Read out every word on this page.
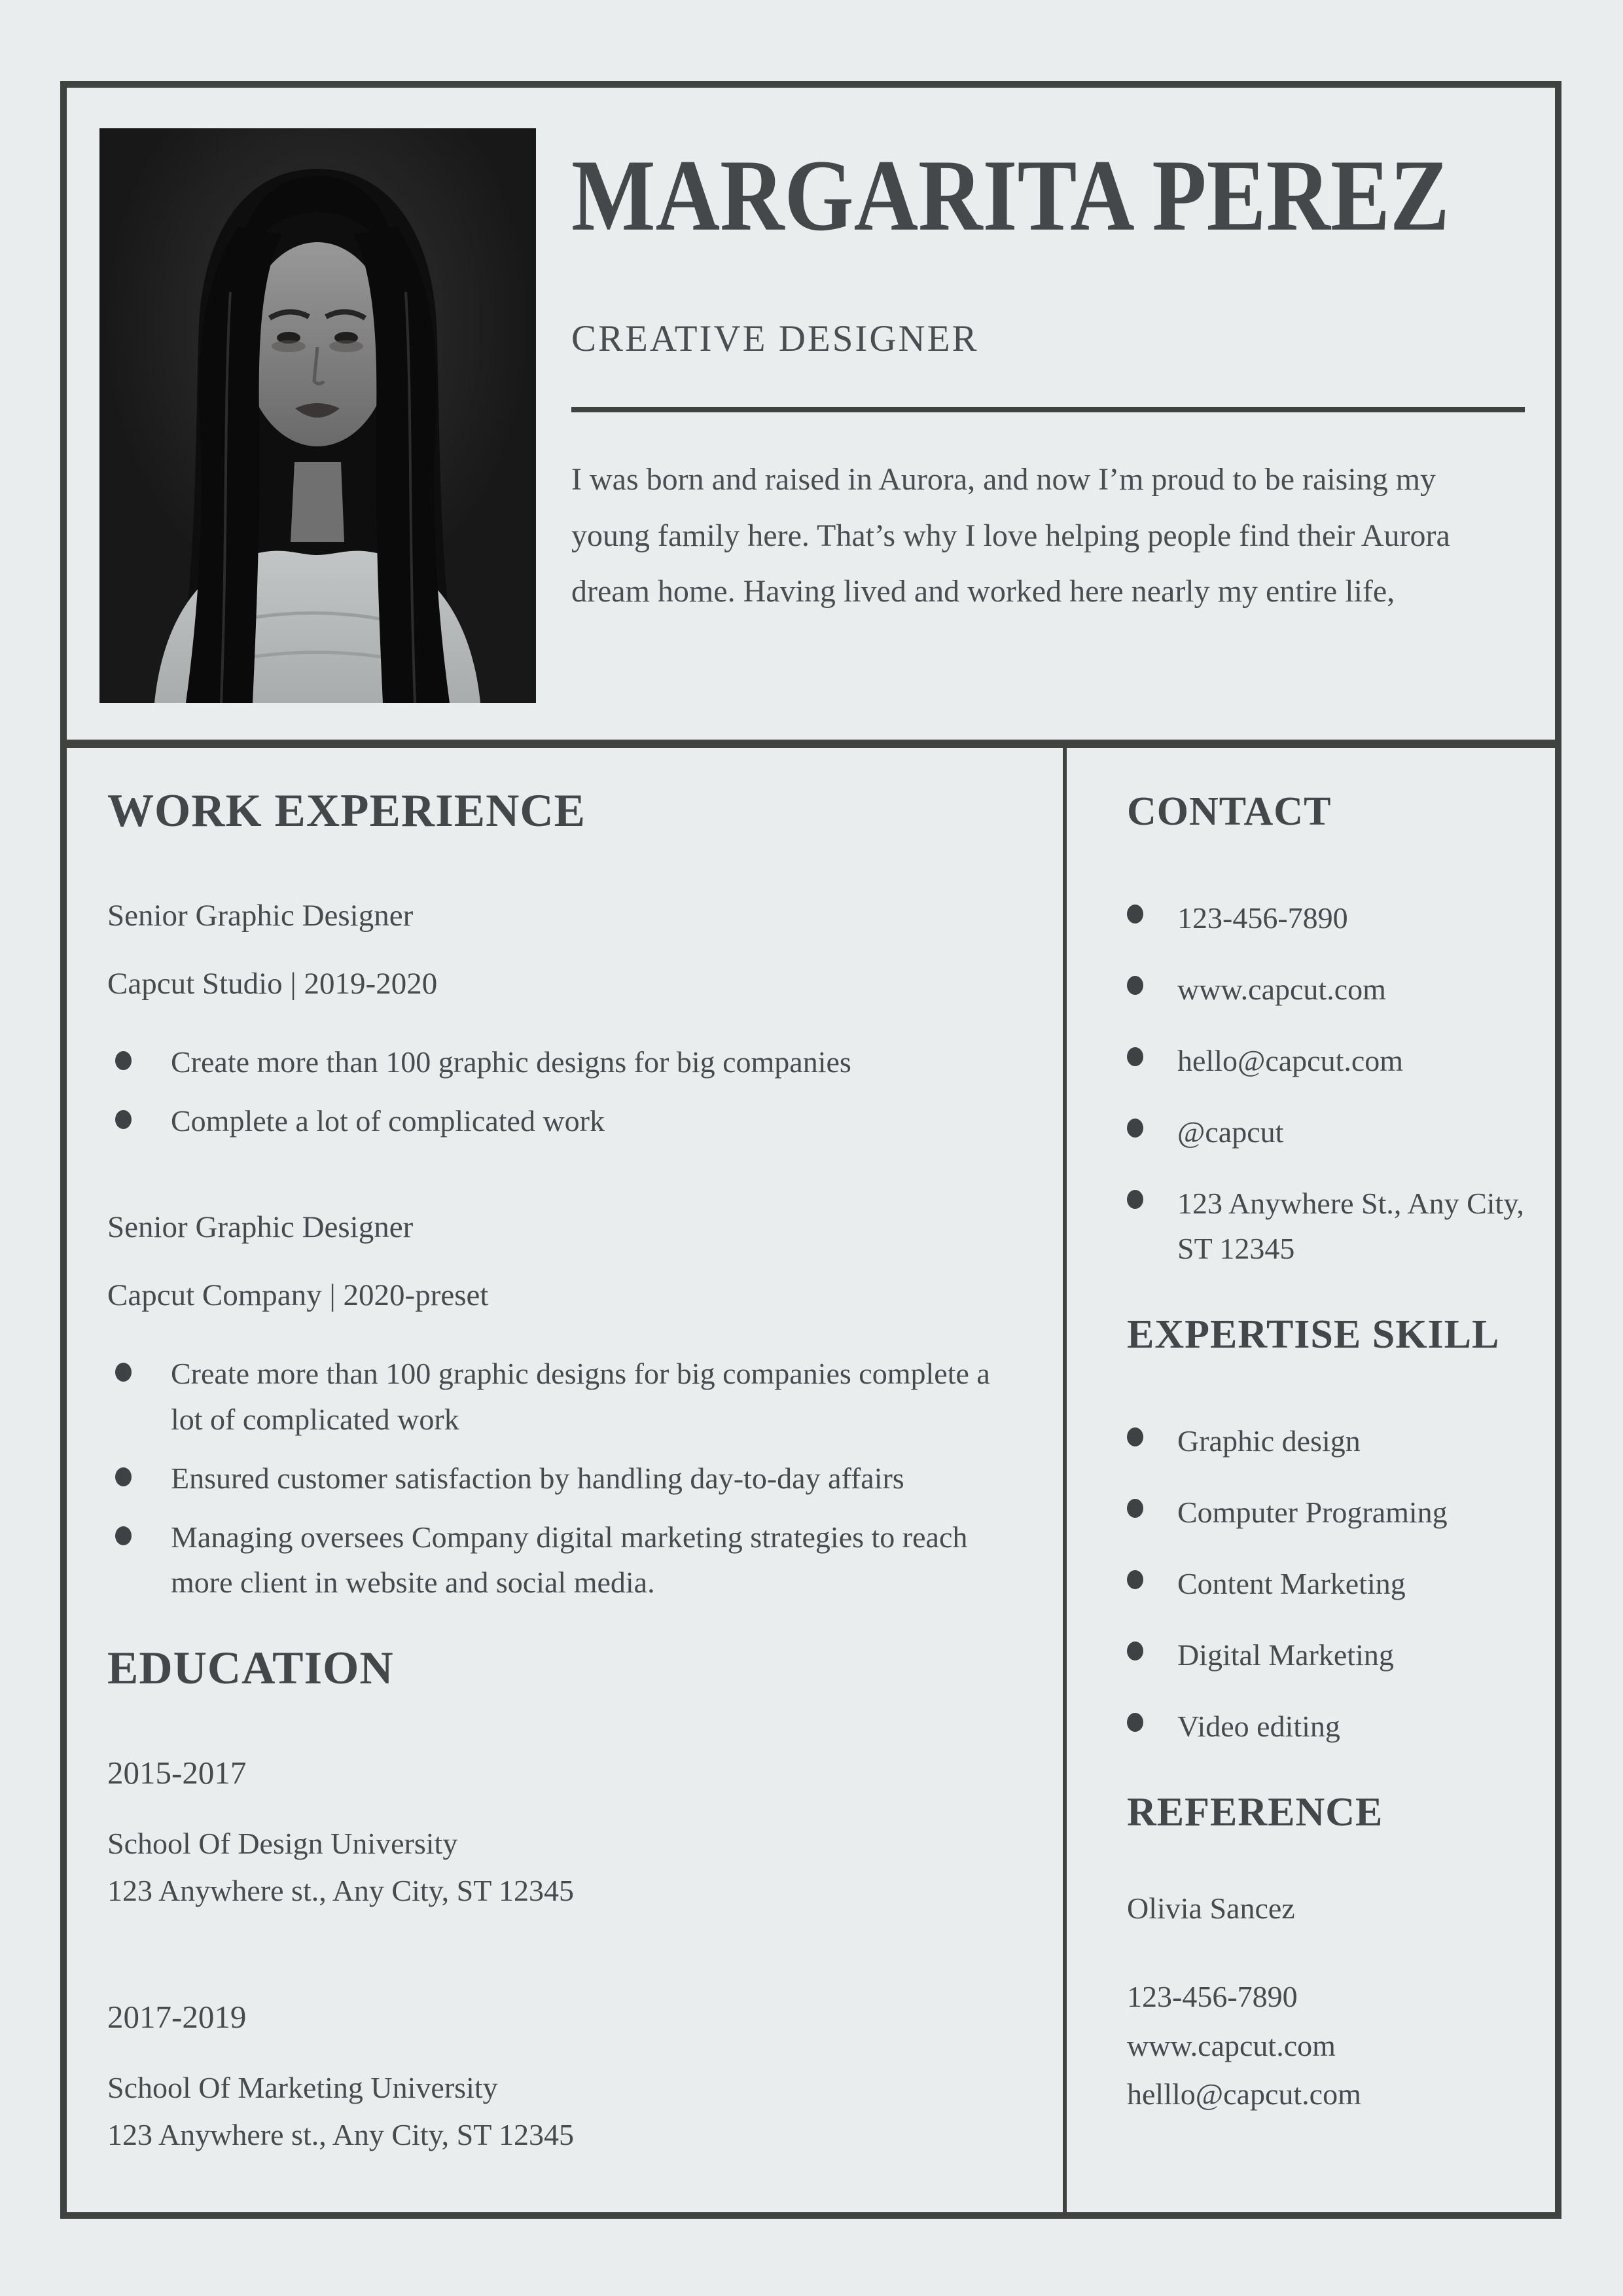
MARGARITA PEREZ
CREATIVE DESIGNER
I was born and raised in Aurora, and now I’m proud to be raising my young family here. That’s why I love helping people find their Aurora dream home. Having lived and worked here nearly my entire life,
WORK EXPERIENCE
Senior Graphic Designer
Capcut Studio | 2019-2020
Create more than 100 graphic designs for big companies
Complete a lot of complicated work
Senior Graphic Designer
Capcut Company | 2020-preset
Create more than 100 graphic designs for big companies complete a lot of complicated work
Ensured customer satisfaction by handling day-to-day affairs
Managing oversees Company digital marketing strategies to reach more client in website and social media.
EDUCATION
2015-2017
School Of Design University
123 Anywhere st., Any City, ST 12345
2017-2019
School Of Marketing University
123 Anywhere st., Any City, ST 12345
CONTACT
123-456-7890
www.capcut.com
hello@capcut.com
@capcut
123 Anywhere St., Any City, ST 12345
EXPERTISE SKILL
Graphic design
Computer Programing
Content Marketing
Digital Marketing
Video editing
REFERENCE
Olivia Sancez
123-456-7890
www.capcut.com
helllo@capcut.com
